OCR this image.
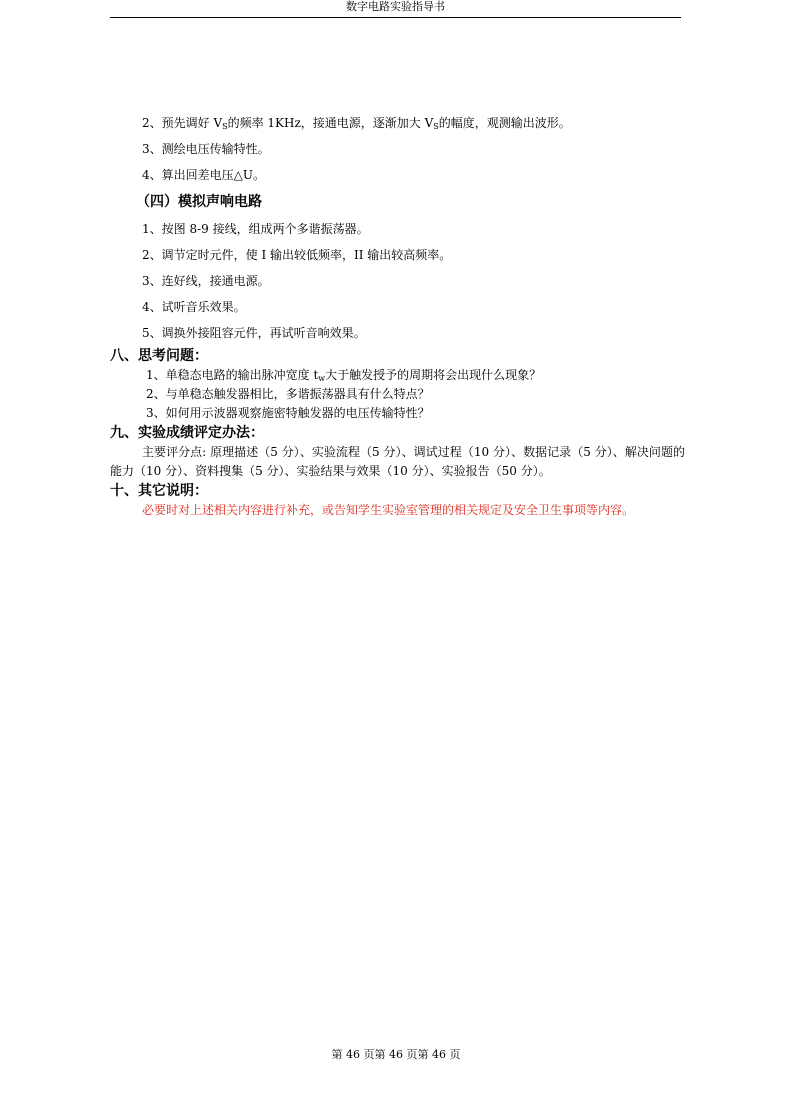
数字电路实验指导书
2、预先调好 $V_S$的频率 1KHz，接通电源，逐渐加大 $V_S$的幅度，观测输出波形。
3、测绘电压传输特性。
4、算出回差电压△U。
（四）模拟声响电路
1、按图 8-9 接线，组成两个多谐振荡器。
2、调节定时元件，使 I 输出较低频率，II 输出较高频率。
3、连好线，接通电源。
4、试听音乐效果。
5、调换外接阻容元件，再试听音响效果。
八、思考问题：
1、单稳态电路的输出脉冲宽度 $t_w$大于触发授予的周期将会出现什么现象？
2、与单稳态触发器相比，多谐振荡器具有什么特点？
3、如何用示波器观察施密特触发器的电压传输特性？
九、实验成绩评定办法：
主要评分点: 原理描述（5 分）、实验流程（5 分）、调试过程（10 分）、数据记录（5 分）、解决问题的能力（10 分）、资料搜集（5 分）、实验结果与效果（10 分）、实验报告（50 分）。
十、其它说明：
必要时对上述相关内容进行补充，或告知学生实验室管理的相关规定及安全卫生事项等内容。
第 46 页第 46 页第 46 页
